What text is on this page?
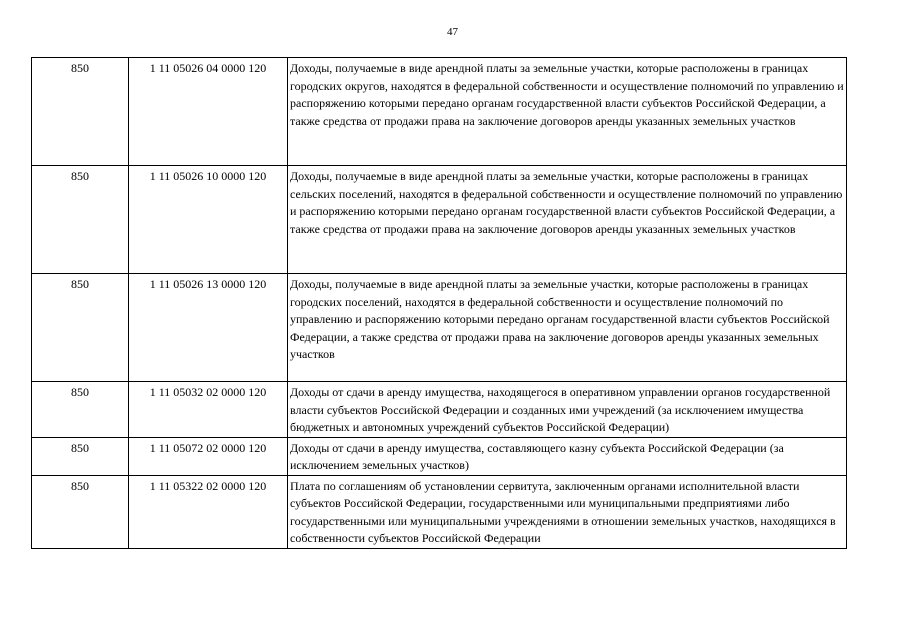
47
850	1 11 05026 04 0000 120	Доходы, получаемые в виде арендной платы за земельные участки, которые расположены в границах городских округов, находятся в федеральной собственности и осуществление полномочий по управлению и распоряжению которыми передано органам государственной власти субъектов Российской Федерации, а также средства от продажи права на заключение договоров аренды указанных земельных участков
850	1 11 05026 10 0000 120	Доходы, получаемые в виде арендной платы за земельные участки, которые расположены в границах сельских поселений, находятся в федеральной собственности и осуществление полномочий по управлению и распоряжению которыми передано органам государственной власти субъектов Российской Федерации, а также средства от продажи права на заключение договоров аренды указанных земельных участков
850	1 11 05026 13 0000 120	Доходы, получаемые в виде арендной платы за земельные участки, которые расположены в границах городских поселений, находятся в федеральной собственности и осуществление полномочий по управлению и распоряжению которыми передано органам государственной власти субъектов Российской Федерации, а также средства от продажи права на заключение договоров аренды указанных земельных участков
850	1 11 05032 02 0000 120	Доходы от сдачи в аренду имущества, находящегося в оперативном управлении органов государственной власти субъектов Российской Федерации и созданных ими учреждений (за исключением имущества бюджетных и автономных учреждений субъектов Российской Федерации)
850	1 11 05072 02 0000 120	Доходы от сдачи в аренду имущества, составляющего казну субъекта Российской Федерации (за исключением земельных участков)
850	1 11 05322 02 0000 120	Плата по соглашениям об установлении сервитута, заключенным органами исполнительной власти субъектов Российской Федерации, государственными или муниципальными предприятиями либо государственными или муниципальными учреждениями в отношении земельных участков, находящихся в собственности субъектов Российской Федерации
